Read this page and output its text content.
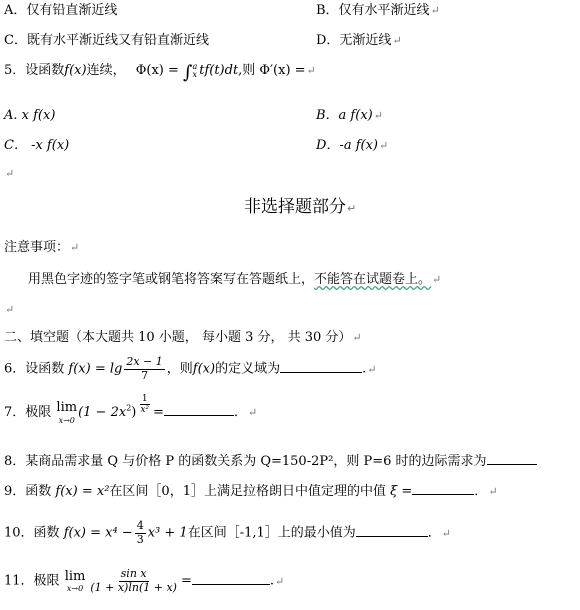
A．仅有铅直渐近线	B．仅有水平渐近线↵
C．既有水平渐近线又有铅直渐近线	D．无渐近线↵
5．设函数f(x)连续， Φ(x) = ∫ a
x tf(t)dt,则 Φ′(x) =↵
A. x f(x)	B．a f(x)↵
C． -x f(x)	D．-a f(x)↵
↵
非选择题部分↵
注意事项：↵
用黑色字迹的签字笔或钢笔将答案写在答题纸上，不能答在试题卷上。↵
↵
二、填空题（本大题共 10 小题， 每小题 3 分， 共 30 分）↵
6．设函数 $f(x) = \lg \frac{2x - 1}{7}$ ，则f(x)的定义域为	.↵
7．极限 lim
x→0
$(1 - 2x^2) \frac{1}{\text{x²}}$ =	．↵
8．某商品需求量 Q 与价格 P 的函数关系为 Q=150-2P²，则 P=6 时的边际需求为
9．函数 f(x) = x²在区间［0，1］上满足拉格朗日中值定理的中值 ξ =	．↵
10．函数 $f(x) = x^4 - \frac{4}{3} x^3 + 1$在区间［-1,1］上的最小值为	．↵
11．极限 lim
$x\to 0 \frac{\text{sin x}}{(1 + x)\ln(1 + x)}$ =	.↵
